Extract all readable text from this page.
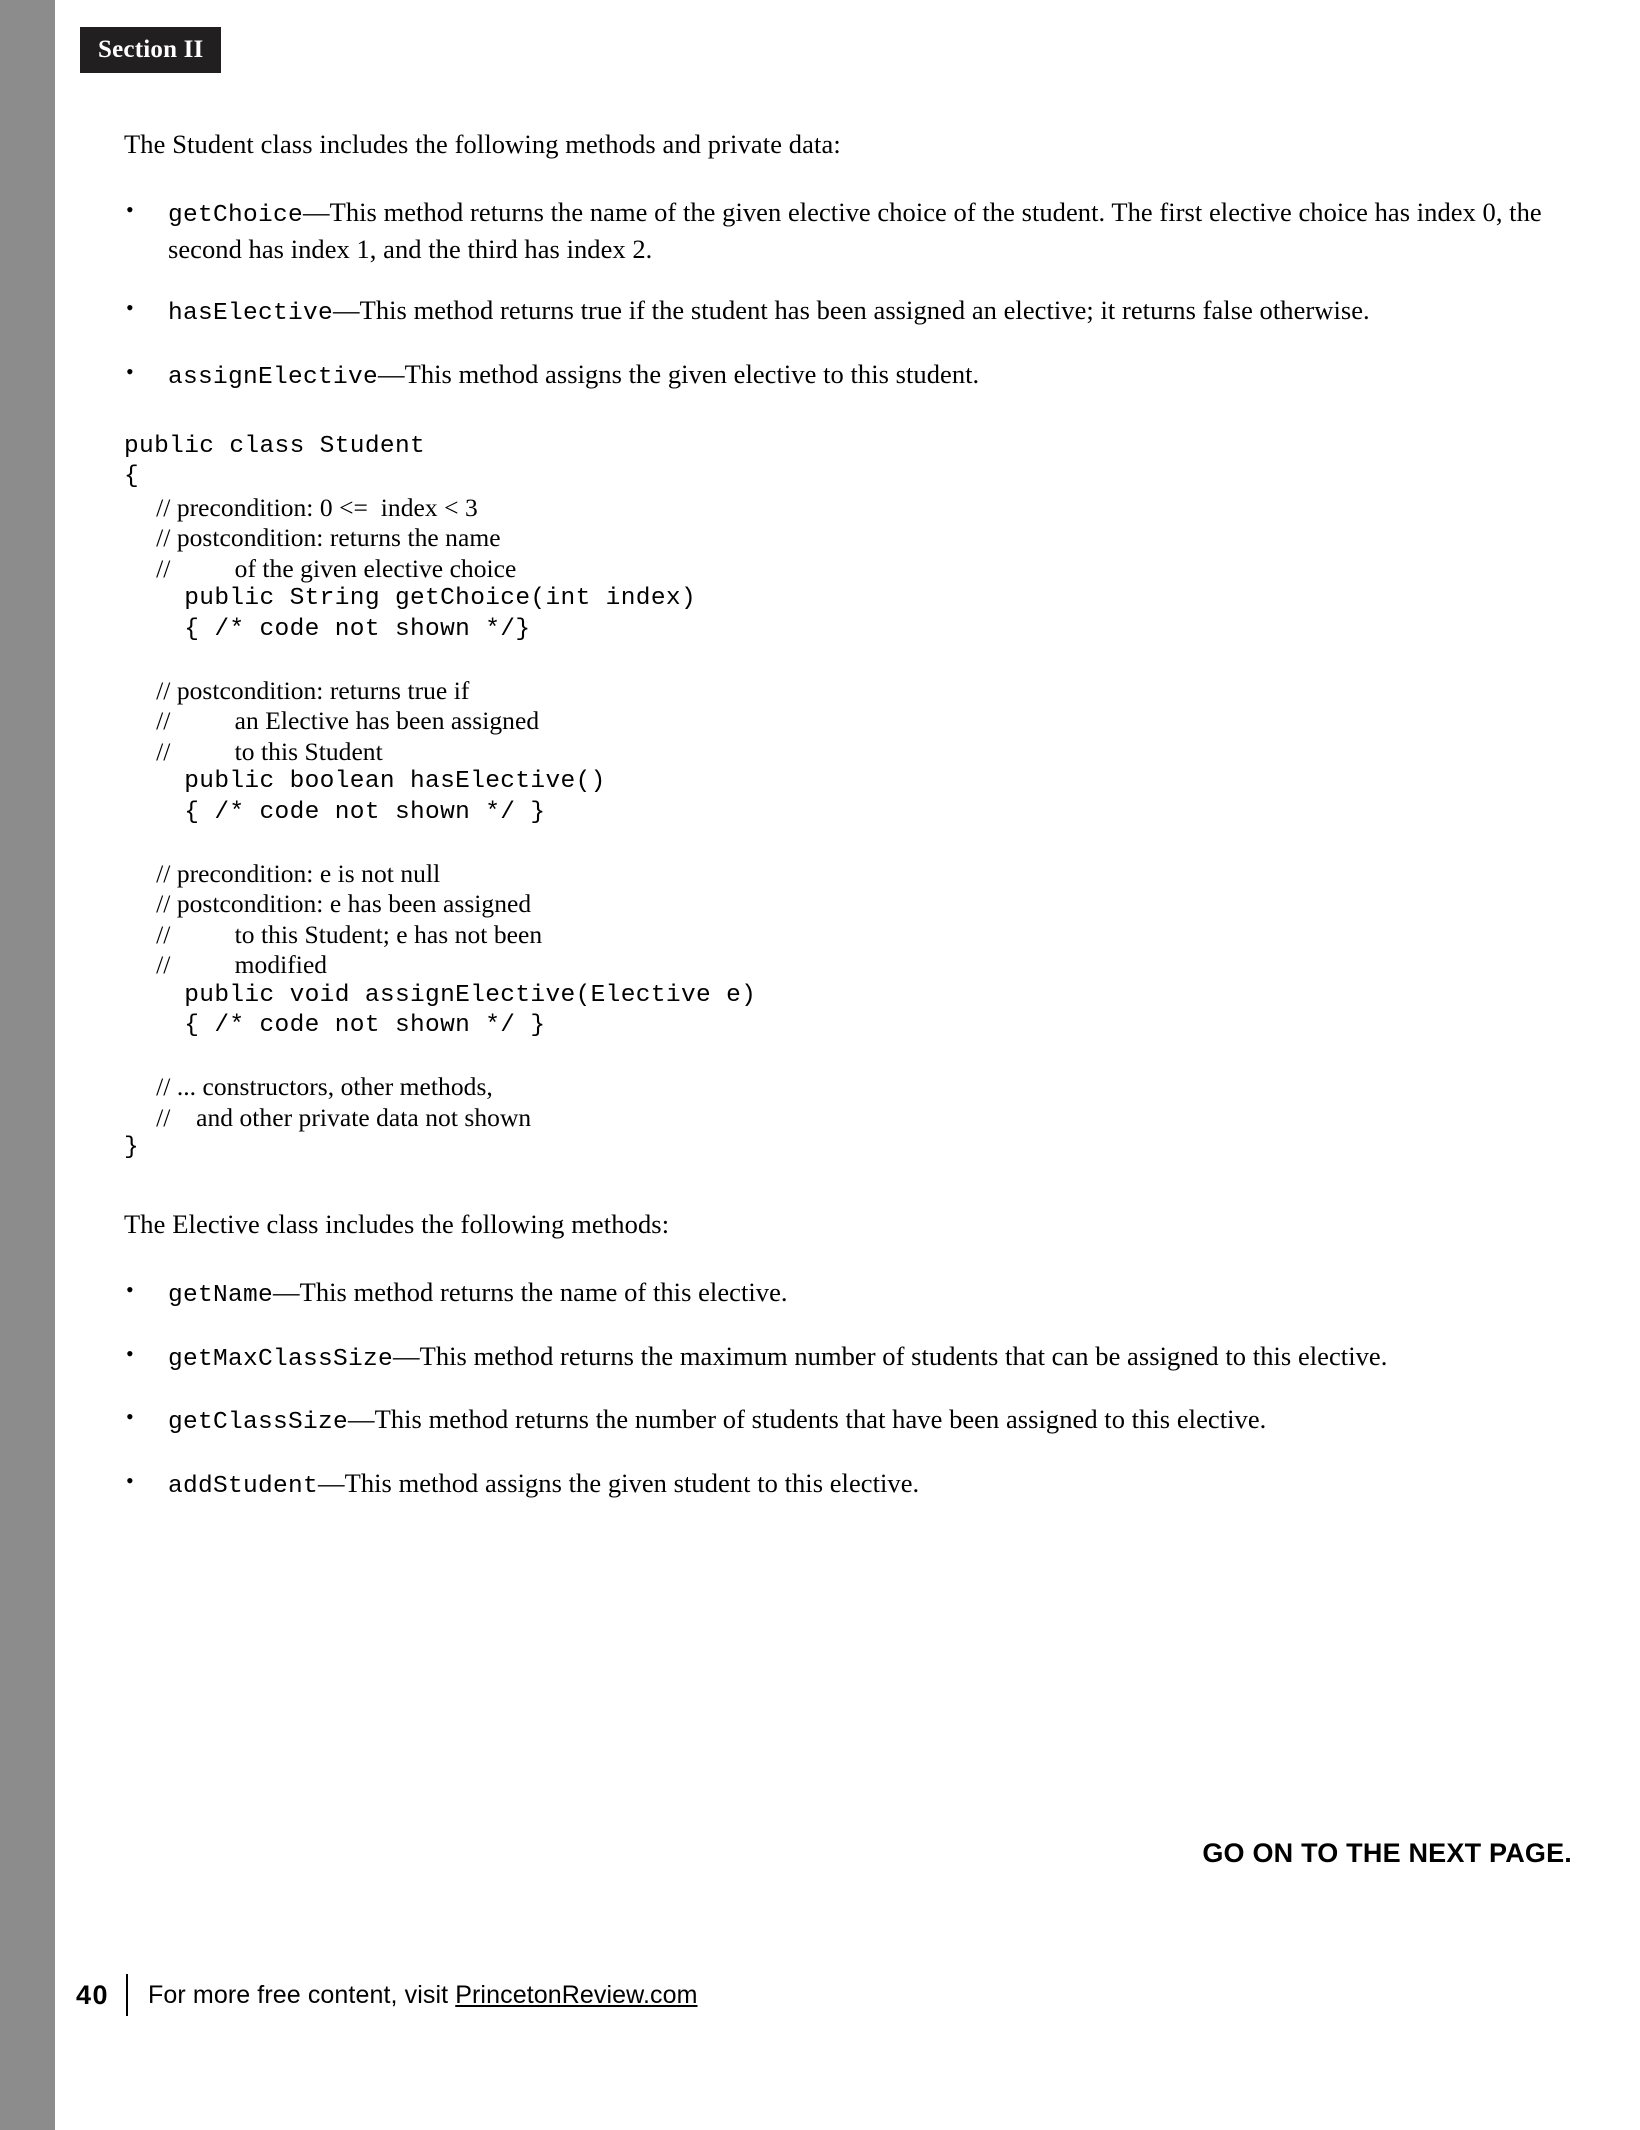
Section II

The Student class includes the following methods and private data:

• getChoice—This method returns the name of the given elective choice of the student. The first elective choice has index 0, the second has index 1, and the third has index 2.
• hasElective—This method returns true if the student has been assigned an elective; it returns false otherwise.
• assignElective—This method assigns the given elective to this student.
public class Student
{
// precondition: 0 <=  index < 3
// postcondition: returns the name
//          of the given elective choice
public String getChoice(int index)
{ /* code not shown */}
// postcondition: returns true if
//          an Elective has been assigned
//          to this Student
public boolean hasElective()
{ /* code not shown */ }
// precondition: e is not null
// postcondition: e has been assigned
//          to this Student; e has not been
//          modified
public void assignElective(Elective e)
{ /* code not shown */ }
// ... constructors, other methods,
//    and other private data not shown
}

The Elective class includes the following methods:

• getName—This method returns the name of this elective.
• getMaxClassSize—This method returns the maximum number of students that can be assigned to this elective.
• getClassSize—This method returns the number of students that have been assigned to this elective.
• addStudent—This method assigns the given student to this elective.
GO ON TO THE NEXT PAGE.
40	For more free content, visit PrincetonReview.com
